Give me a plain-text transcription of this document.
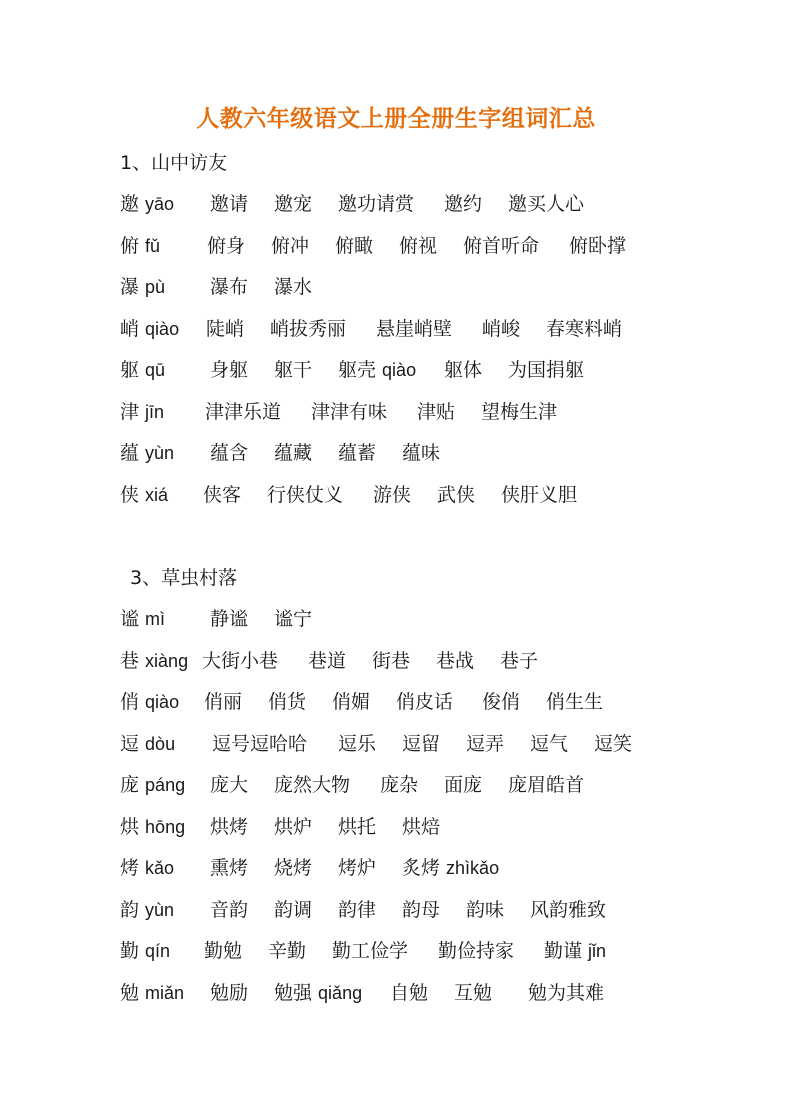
人教六年级语文上册全册生字组词汇总
1、山中访友
邀 yāo 邀请 邀宠 邀功请赏 邀约 邀买人心
俯 fǔ 俯身 俯冲 俯瞰 俯视 俯首听命 俯卧撑
瀑 pù 瀑布 瀑水
峭 qiào 陡峭 峭拔秀丽 悬崖峭壁 峭峻 春寒料峭
躯 qū 身躯 躯干 躯壳 qiào 躯体 为国捐躯
津 jīn 津津乐道 津津有味 津贴 望梅生津
蕴 yùn 蕴含 蕴藏 蕴蓄 蕴味
侠 xiá 侠客 行侠仗义 游侠 武侠 侠肝义胆
3、草虫村落
谧 mì 静谧 谧宁
巷 xiàng 大街小巷 巷道 街巷 巷战 巷子
俏 qiào 俏丽 俏货 俏媚 俏皮话 俊俏 俏生生
逗 dòu 逗号逗哈哈 逗乐 逗留 逗弄 逗气 逗笑
庞 páng 庞大 庞然大物 庞杂 面庞 庞眉皓首
烘 hōng 烘烤 烘炉 烘托 烘焙
烤 kǎo 熏烤 烧烤 烤炉 炙烤 zhìkǎo
韵 yùn 音韵 韵调 韵律 韵母 韵味 风韵雅致
勤 qín 勤勉 辛勤 勤工俭学 勤俭持家 勤谨 jǐn
勉 miǎn 勉励 勉强 qiǎng 自勉 互勉 勉为其难
